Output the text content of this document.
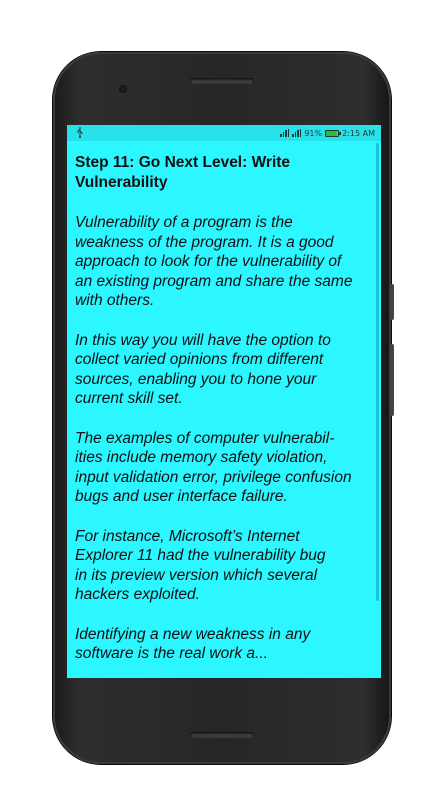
91%	2:15 AM
Step 11: Go Next Level: Write Vulnerability
Vulnerability of a program is the
weakness of the program. It is a good
approach to look for the vulnerability of
an existing program and share the same
with others.
In this way you will have the option to
collect varied opinions from different
sources, enabling you to hone your
current skill set.
The examples of computer vulnerabil-
ities include memory safety violation,
input validation error, privilege confusion
bugs and user interface failure.
For instance, Microsoft’s Internet
Explorer 11 had the vulnerability bug
in its preview version which several
hackers exploited.
Identifying a new weakness in any
software is the real work a...
